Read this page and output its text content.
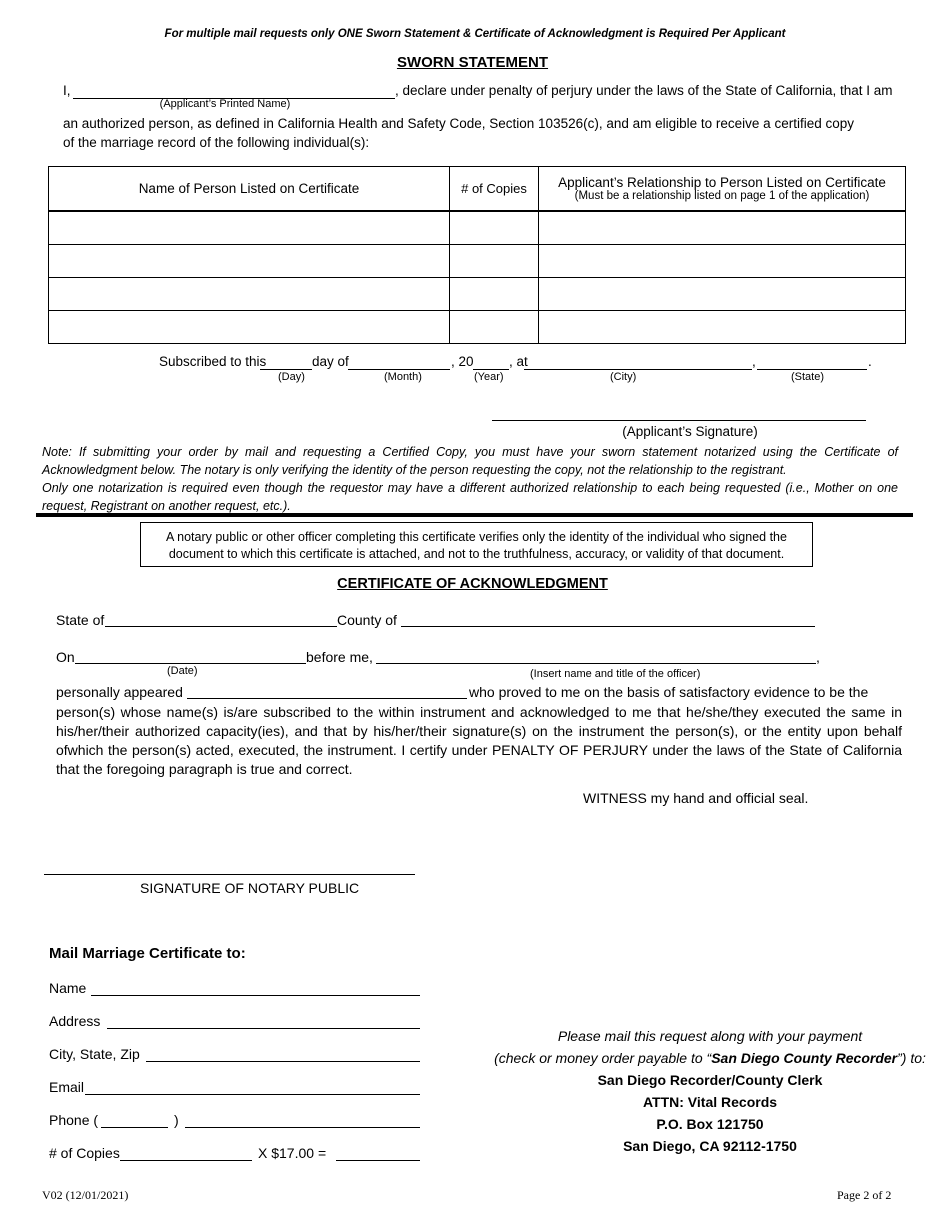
For multiple mail requests only ONE Sworn Statement & Certificate of Acknowledgment is Required Per Applicant
SWORN STATEMENT
I,	, declare under penalty of perjury under the laws of the State of California, that I am
(Applicant’s Printed Name)
an authorized person, as defined in California Health and Safety Code, Section 103526(c), and am eligible to receive a certified copy of the marriage record of the following individual(s):
Name of Person Listed on Certificate	# of Copies	Applicant’s Relationship to Person Listed on Certificate
(Must be a relationship listed on page 1 of the application)

Subscribed to this	day of	, 20	, at	,	.
(Day)	(Month)	(Year)	(City)	(State)
(Applicant’s Signature)
Note: If submitting your order by mail and requesting a Certified Copy, you must have your sworn statement notarized using the Certificate of Acknowledgment below. The notary is only verifying the identity of the person requesting the copy, not the relationship to the registrant.
Only one notarization is required even though the requestor may have a different authorized relationship to each being requested (i.e., Mother on one request, Registrant on another request, etc.).
A notary public or other officer completing this certificate verifies only the identity of the individual who signed the document to which this certificate is attached, and not to the truthfulness, accuracy, or validity of that document.
CERTIFICATE OF ACKNOWLEDGMENT
State of	County of
On	before me,	,
(Date)	(Insert name and title of the officer)
personally appeared	who proved to me on the basis of satisfactory evidence to be the
person(s) whose name(s) is/are subscribed to the within instrument and acknowledged to me that he/she/they executed the same in his/her/their authorized capacity(ies), and that by his/her/their signature(s) on the instrument the person(s), or the entity upon behalf ofwhich the person(s) acted, executed, the instrument. I certify under PENALTY OF PERJURY under the laws of the State of California that the foregoing paragraph is true and correct.
WITNESS my hand and official seal.
SIGNATURE OF NOTARY PUBLIC
Mail Marriage Certificate to:
Name
Address
City, State, Zip
Email
Phone (	)
# of Copies	X $17.00 =
Please mail this request along with your payment
(check or money order payable to “San Diego County Recorder”) to:
San Diego Recorder/County Clerk
ATTN: Vital Records
P.O. Box 121750
San Diego, CA 92112-1750
V02 (12/01/2021)	Page 2 of 2
